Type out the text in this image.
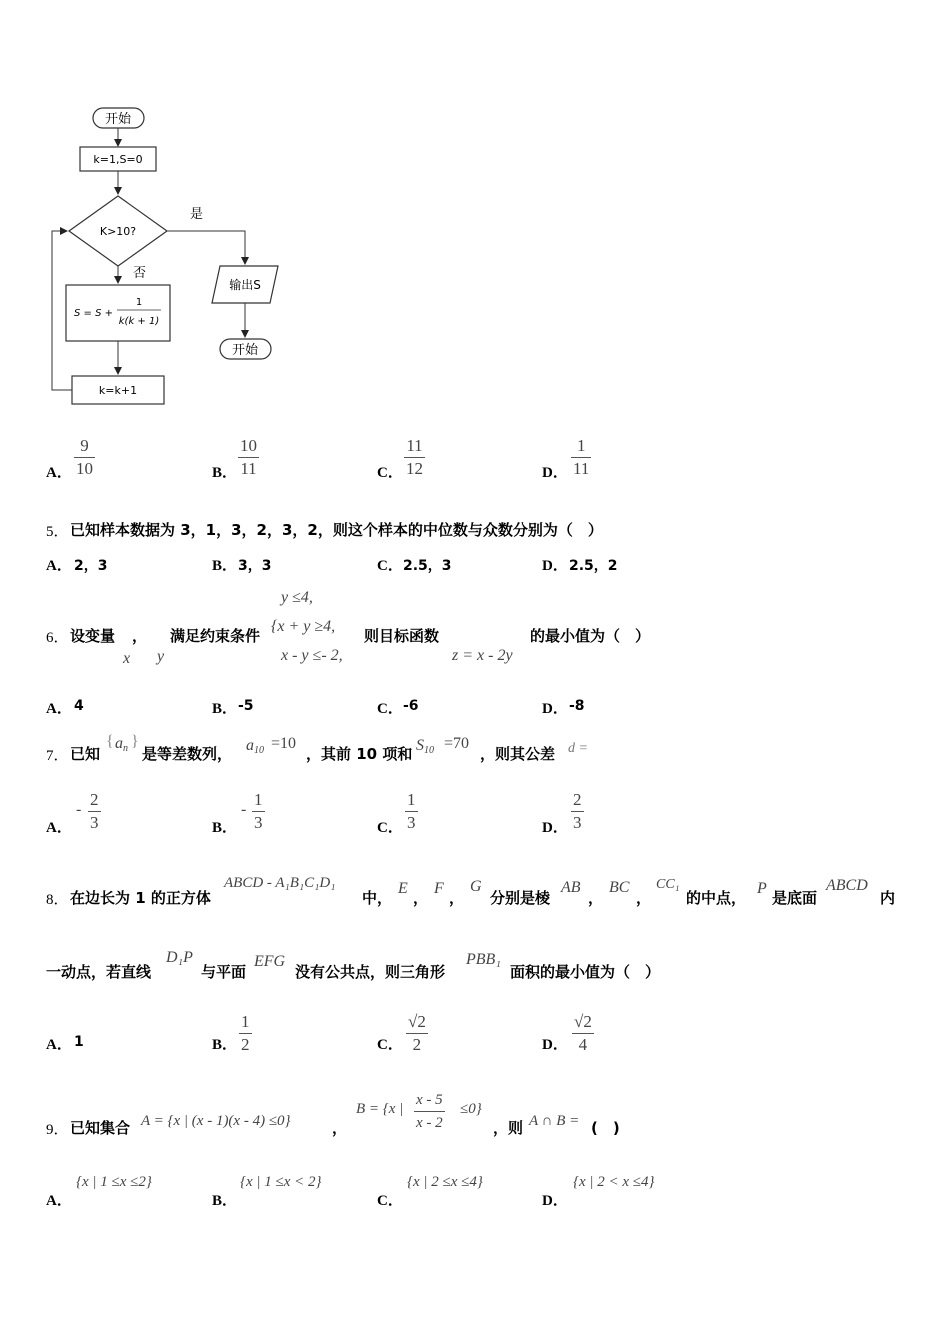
开始
k=1,S=0
K>10?
是
输出S
开始
否
S = S +
1
k(k + 1)
k=k+1
A．
9
10	B．
10
11	C．
11
12	D．
1
11
5． 已知样本数据为 3，1，3，2，3，2，则这个样本的中位数与众数分别为（　）
A． 2，3	B． 3，3	C． 2.5，3	D． 2.5，2
6． 设变量 ， 满足约束条件
x y
y ≤4,
{x + y ≥4,
x - y ≤- 2,
则目标函数
z = x - 2y
的最小值为（　）
A． 4	B． -5	C． -6	D． -8
7． 已知
{ $a_n$ }
是等差数列， $a_{10} =10$
，其前 10 项和 $S_{10} =70$
，则其公差 d =
A．
-
2
3	B．
-
1
3	C．
1
3	D．
2
3
8． 在边长为 1 的正方体
ABCD - A₁B₁C₁D₁
中，
E
，
F
，
G
分别是棱
AB
，
BC
，
CC₁
的中点，
P
是底面
ABCD
内
一动点，若直线
D₁P
与平面
EFG
没有公共点，则三角形
PBB₁
面积的最小值为（　）
A． 1	B．
1
2	C．
√2
2	D．
√2
4
9． 已知集合 A = {x | (x - 1)(x - 4) ≤0}	，
B = {x |
x - 5
x - 2
≤0}
，则 A ∩ B = (　)
A．
{x | 1 ≤x ≤2}
B．
{x | 1 ≤x < 2}
C．
{x | 2 ≤x ≤4}
D．
{x | 2 < x ≤4}
